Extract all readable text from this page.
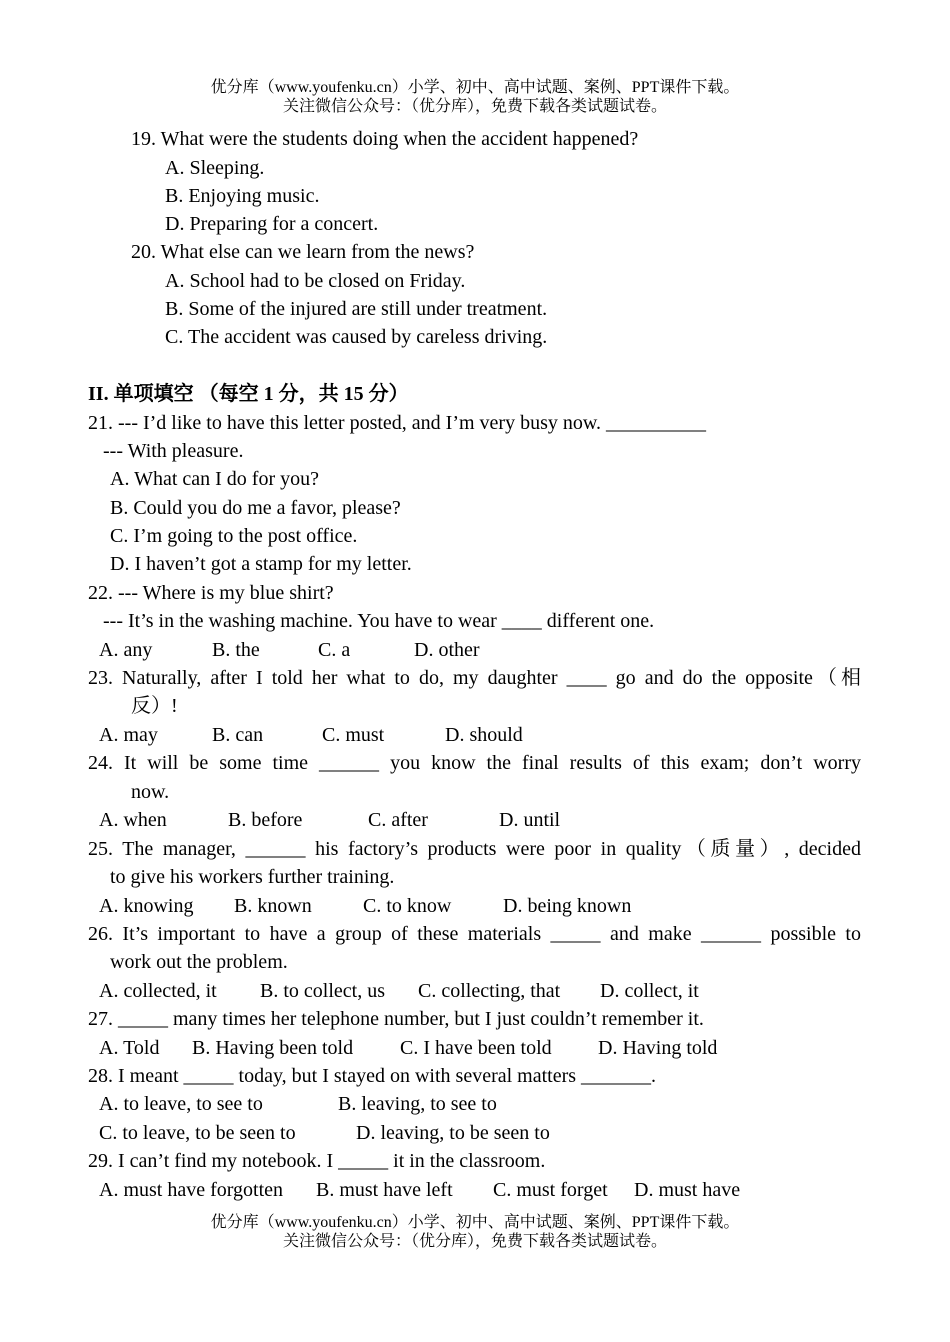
优分库（www.youfenku.cn）小学、初中、高中试题、案例、PPT课件下载。
关注微信公众号：（优分库），免费下载各类试题试卷。
19. What were the students doing when the accident happened?
A. Sleeping.
B. Enjoying music.
D. Preparing for a concert.
20. What else can we learn from the news?
A. School had to be closed on Friday.
B. Some of the injured are still under treatment.
C. The accident was caused by careless driving.
II. 单项填空 （每空 1 分，共 15 分）
21. --- I’d like to have this letter posted, and I’m very busy now. __________
--- With pleasure.
A. What can I do for you?
B. Could you do me a favor, please?
C. I’m going to the post office.
D. I haven’t got a stamp for my letter.
22. --- Where is my blue shirt?
--- It’s in the washing machine. You have to wear ____ different one.
A. any	B. the	C. a	D. other
23. Naturally, after I told her what to do, my daughter ____ go and do the opposite（相
反）!
A. may	B. can	C. must	D. should
24. It will be some time ______ you know the final results of this exam; don’t worry
now.
A. when	B. before	C. after	D. until
25. The manager, ______ his factory’s products were poor in quality（质量）, decided
to give his workers further training.
A. knowing B. known	C. to know	D. being known
26. It’s important to have a group of these materials _____ and make ______ possible to
work out the problem.
A. collected, it B. to collect, us C. collecting, that D. collect, it
27. _____ many times her telephone number, but I just couldn’t remember it.
A. Told B. Having been told C. I have been told D. Having told
28. I meant _____ today, but I stayed on with several matters _______.
A. to leave, to see to	B. leaving, to see to
C. to leave, to be seen to	D. leaving, to be seen to
29. I can’t find my notebook. I _____ it in the classroom.
A. must have forgotten B. must have left C. must forget D. must have
优分库（www.youfenku.cn）小学、初中、高中试题、案例、PPT课件下载。
关注微信公众号：（优分库），免费下载各类试题试卷。
